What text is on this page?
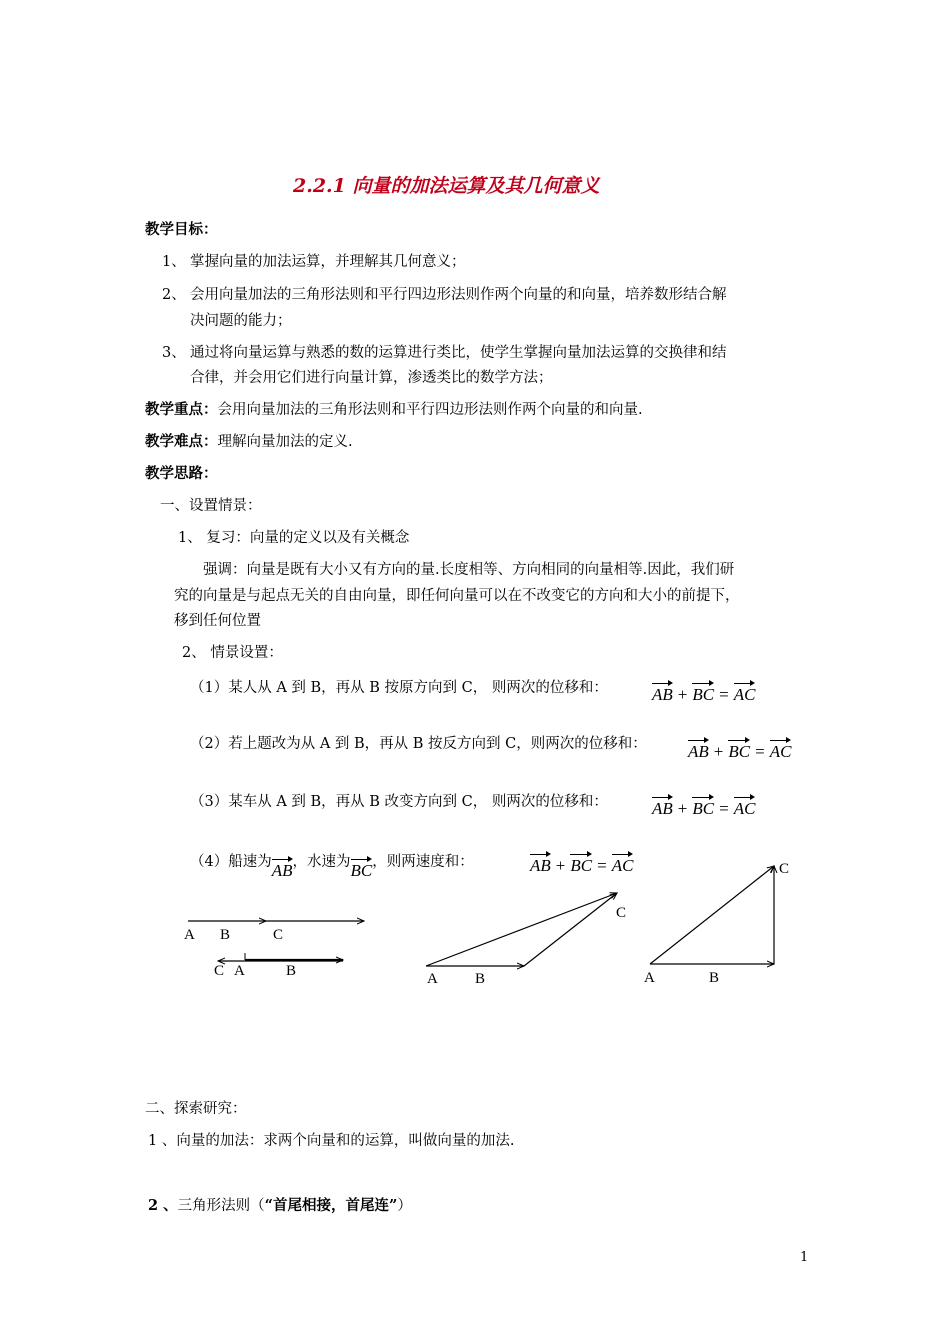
2.2.1 向量的加法运算及其几何意义
教学目标：
1、 掌握向量的加法运算，并理解其几何意义；
2、 会用向量加法的三角形法则和平行四边形法则作两个向量的和向量，培养数形结合解
决问题的能力；
3、 通过将向量运算与熟悉的数的运算进行类比，使学生掌握向量加法运算的交换律和结
合律，并会用它们进行向量计算，渗透类比的数学方法；
教学重点：会用向量加法的三角形法则和平行四边形法则作两个向量的和向量.
教学难点：理解向量加法的定义.
教学思路：
一、设置情景：
1、 复习：向量的定义以及有关概念
强调：向量是既有大小又有方向的量.长度相等、方向相同的向量相等.因此，我们研
究的向量是与起点无关的自由向量，即任何向量可以在不改变它的方向和大小的前提下，
移到任何位置
2、 情景设置：
（1）某人从 A 到 B，再从 B 按原方向到 C， 则两次的位移和：	AB + BC = AC
（2）若上题改为从 A 到 B，再从 B 按反方向到 C，则两次的位移和： AB + BC = AC
（3）某车从 A 到 B，再从 B 改变方向到 C， 则两次的位移和：	AB + BC = AC
（4）船速为AB，水速为BC，则两速度和：	AB + BC = AC
A B	C
C A	B	A B
C
A	B
C
二、探索研究：
1 、向量的加法：求两个向量和的运算，叫做向量的加法.
2 、三角形法则（“首尾相接，首尾连”）
1
